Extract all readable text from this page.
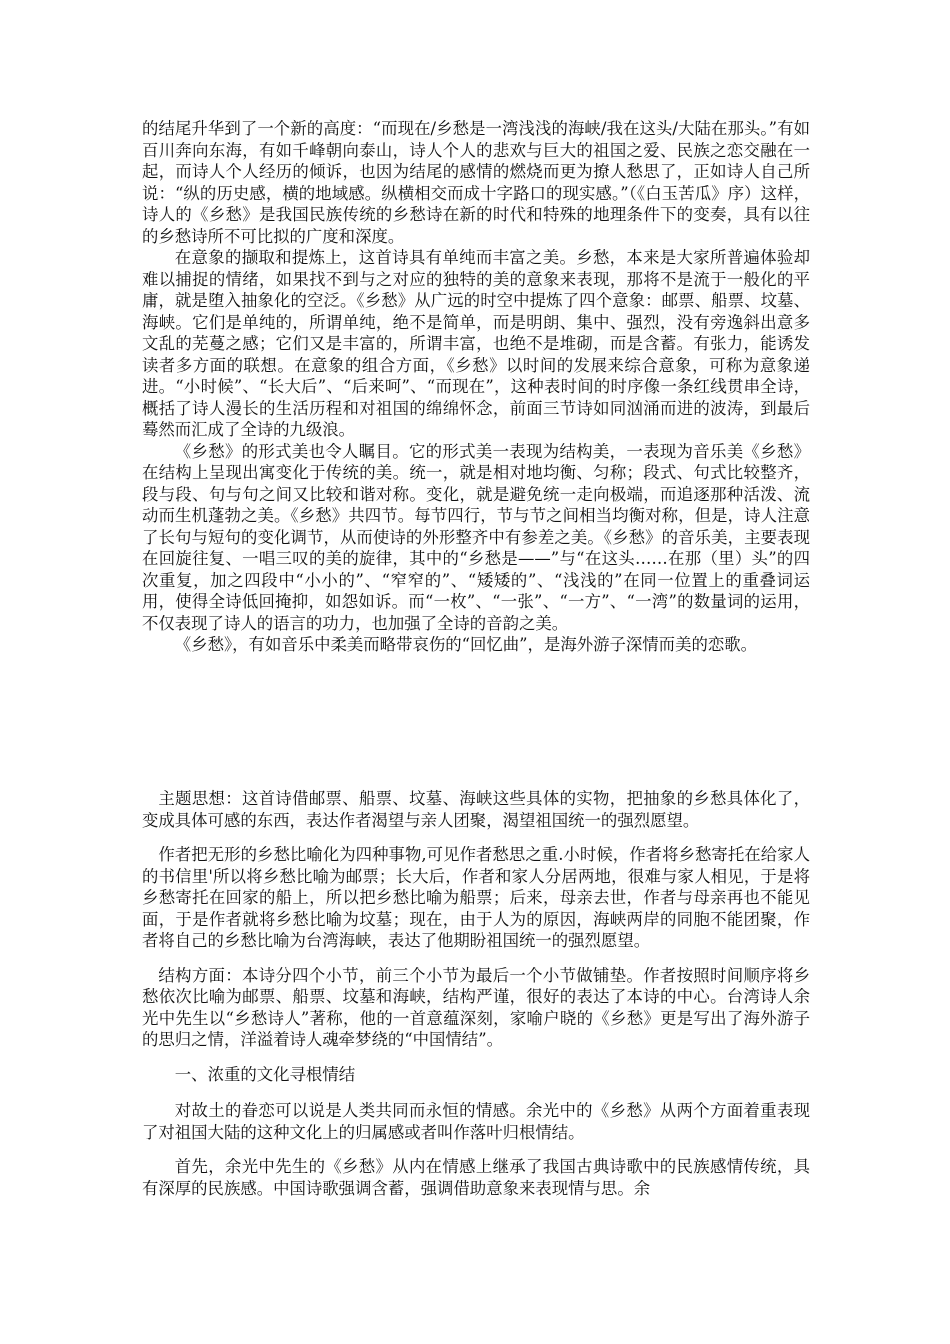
的结尾升华到了一个新的高度：“而现在/乡愁是一湾浅浅的海峡/我在这头/大陆在那头。”有如百川奔向东海，有如千峰朝向泰山，诗人个人的悲欢与巨大的祖国之爱、民族之恋交融在一起，而诗人个人经历的倾诉，也因为结尾的感情的燃烧而更为撩人愁思了，正如诗人自己所说：“纵的历史感，横的地域感。纵横相交而成十字路口的现实感。”（《白玉苦瓜》序）这样，诗人的《乡愁》是我国民族传统的乡愁诗在新的时代和特殊的地理条件下的变奏，具有以往的乡愁诗所不可比拟的广度和深度。

在意象的撷取和提炼上，这首诗具有单纯而丰富之美。乡愁，本来是大家所普遍体验却难以捕捉的情绪，如果找不到与之对应的独特的美的意象来表现，那将不是流于一般化的平庸，就是堕入抽象化的空泛。《乡愁》从广远的时空中提炼了四个意象：邮票、船票、坟墓、海峡。它们是单纯的，所谓单纯，绝不是简单，而是明朗、集中、强烈，没有旁逸斜出意多文乱的芜蔓之感；它们又是丰富的，所谓丰富，也绝不是堆砌，而是含蓄。有张力，能诱发读者多方面的联想。在意象的组合方面，《乡愁》以时间的发展来综合意象，可称为意象递进。“小时候”、“长大后”、“后来呵”、“而现在”，这种表时间的时序像一条红线贯串全诗，概括了诗人漫长的生活历程和对祖国的绵绵怀念，前面三节诗如同汹涌而进的波涛，到最后蓦然而汇成了全诗的九级浪。

《乡愁》的形式美也令人瞩目。它的形式美一表现为结构美，一表现为音乐美《乡愁》在结构上呈现出寓变化于传统的美。统一，就是相对地均衡、匀称；段式、句式比较整齐，段与段、句与句之间又比较和谐对称。变化，就是避免统一走向极端，而追逐那种活泼、流动而生机蓬勃之美。《乡愁》共四节。每节四行，节与节之间相当均衡对称，但是，诗人注意了长句与短句的变化调节，从而使诗的外形整齐中有参差之美。《乡愁》的音乐美，主要表现在回旋往复、一唱三叹的美的旋律，其中的“乡愁是——”与“在这头……在那（里）头”的四次重复，加之四段中“小小的”、“窄窄的”、“矮矮的”、“浅浅的”在同一位置上的重叠词运用，使得全诗低回掩抑，如怨如诉。而“一枚”、“一张”、“一方”、“一湾”的数量词的运用，不仅表现了诗人的语言的功力，也加强了全诗的音韵之美。

《乡愁》，有如音乐中柔美而略带哀伤的“回忆曲”，是海外游子深情而美的恋歌。

主题思想：这首诗借邮票、船票、坟墓、海峡这些具体的实物，把抽象的乡愁具体化了，变成具体可感的东西，表达作者渴望与亲人团聚，渴望祖国统一的强烈愿望。

作者把无形的乡愁比喻化为四种事物,可见作者愁思之重.小时候，作者将乡愁寄托在给家人的书信里'所以将乡愁比喻为邮票；长大后，作者和家人分居两地，很难与家人相见，于是将乡愁寄托在回家的船上，所以把乡愁比喻为船票；后来，母亲去世，作者与母亲再也不能见面，于是作者就将乡愁比喻为坟墓；现在，由于人为的原因，海峡两岸的同胞不能团聚，作者将自己的乡愁比喻为台湾海峡，表达了他期盼祖国统一的强烈愿望。

结构方面：本诗分四个小节，前三个小节为最后一个小节做铺垫。作者按照时间顺序将乡愁依次比喻为邮票、船票、坟墓和海峡，结构严谨，很好的表达了本诗的中心。台湾诗人余光中先生以“乡愁诗人”著称，他的一首意蕴深刻，家喻户晓的《乡愁》更是写出了海外游子的思归之情，洋溢着诗人魂牵梦绕的“中国情结”。

一、浓重的文化寻根情结

对故土的眷恋可以说是人类共同而永恒的情感。余光中的《乡愁》从两个方面着重表现了对祖国大陆的这种文化上的归属感或者叫作落叶归根情结。

首先，余光中先生的《乡愁》从内在情感上继承了我国古典诗歌中的民族感情传统，具有深厚的民族感。中国诗歌强调含蓄，强调借助意象来表现情与思。余
